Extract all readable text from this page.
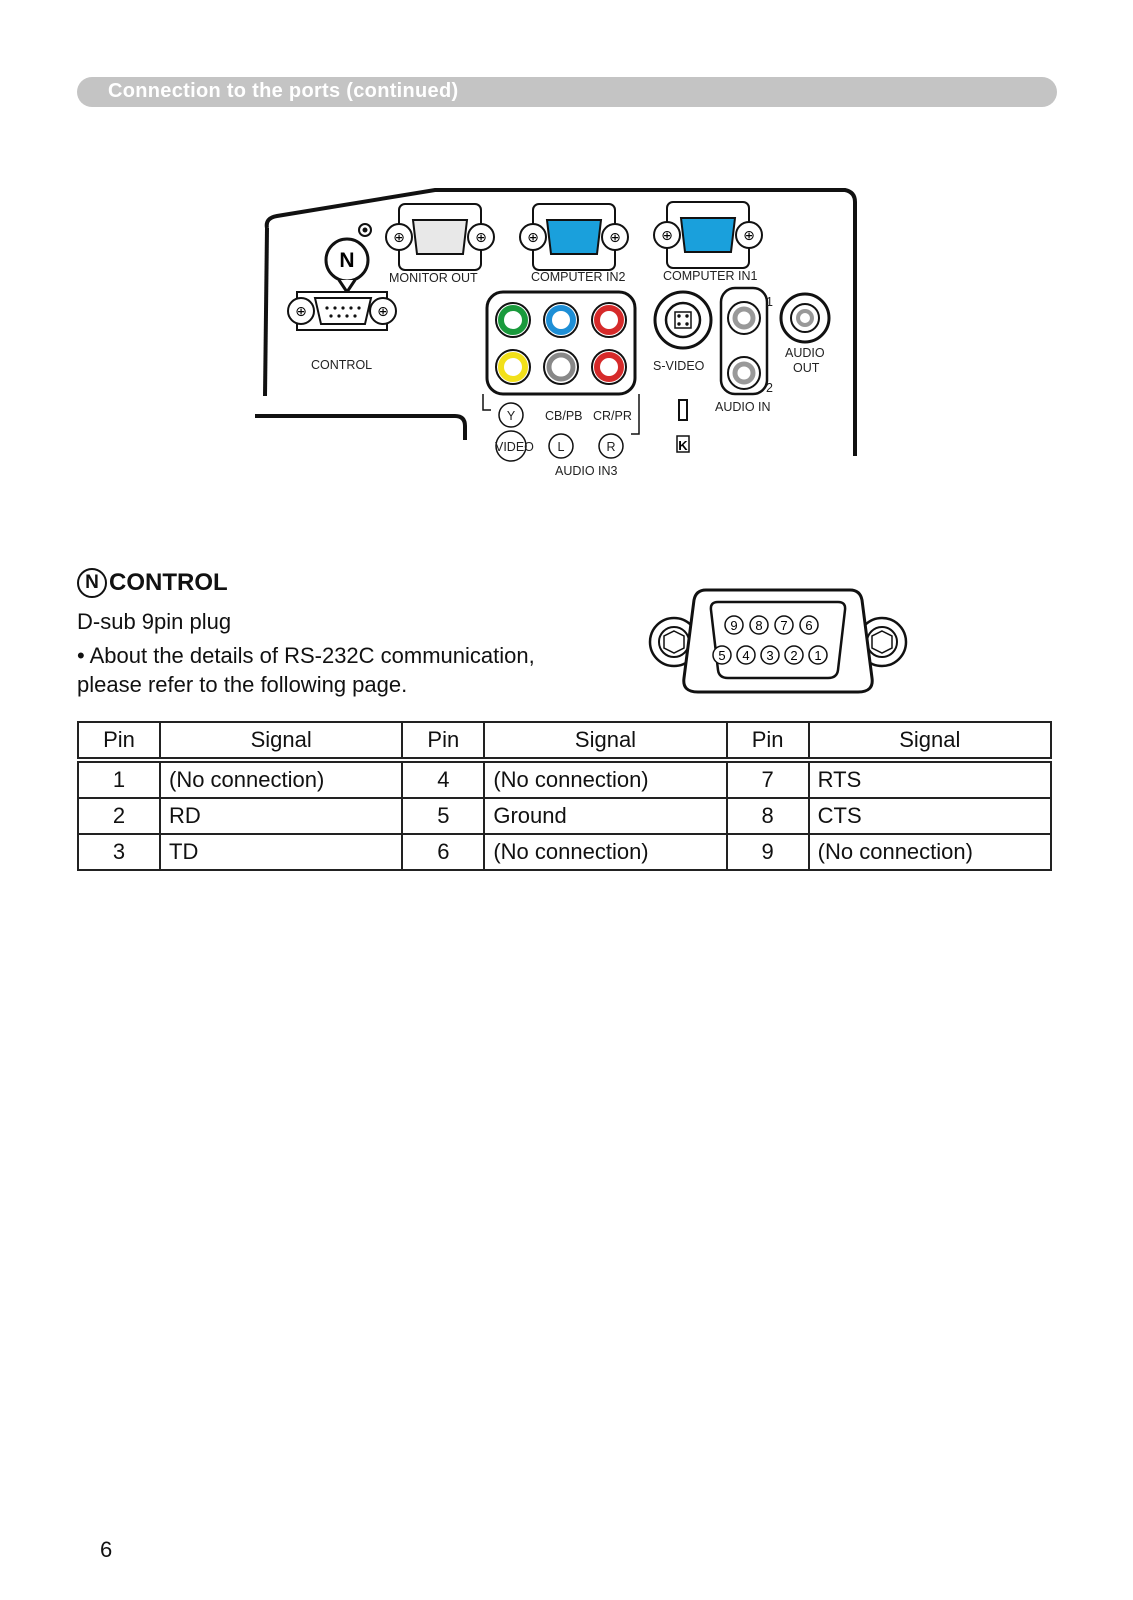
Connection to the ports (continued)
N
⊕	⊕
CONTROL
⊕	⊕
MONITOR OUT
⊕	⊕
COMPUTER IN2
⊕	⊕
COMPUTER IN1
Y CB/PB CR/PR
VIDEO L	R
AUDIO IN3
S-VIDEO
K
1
2
AUDIO IN
AUDIO
OUT
N CONTROL
D-sub 9pin plug
• About the details of RS-232C communication,
please refer to the following page.
9 8 7 6
5 4 3 2 1
Pin	Signal	Pin	Signal	Pin	Signal
1	(No connection)	4	(No connection)	7	RTS
2	RD	5	Ground	8	CTS
3	TD	6	(No connection)	9	(No connection)
6
